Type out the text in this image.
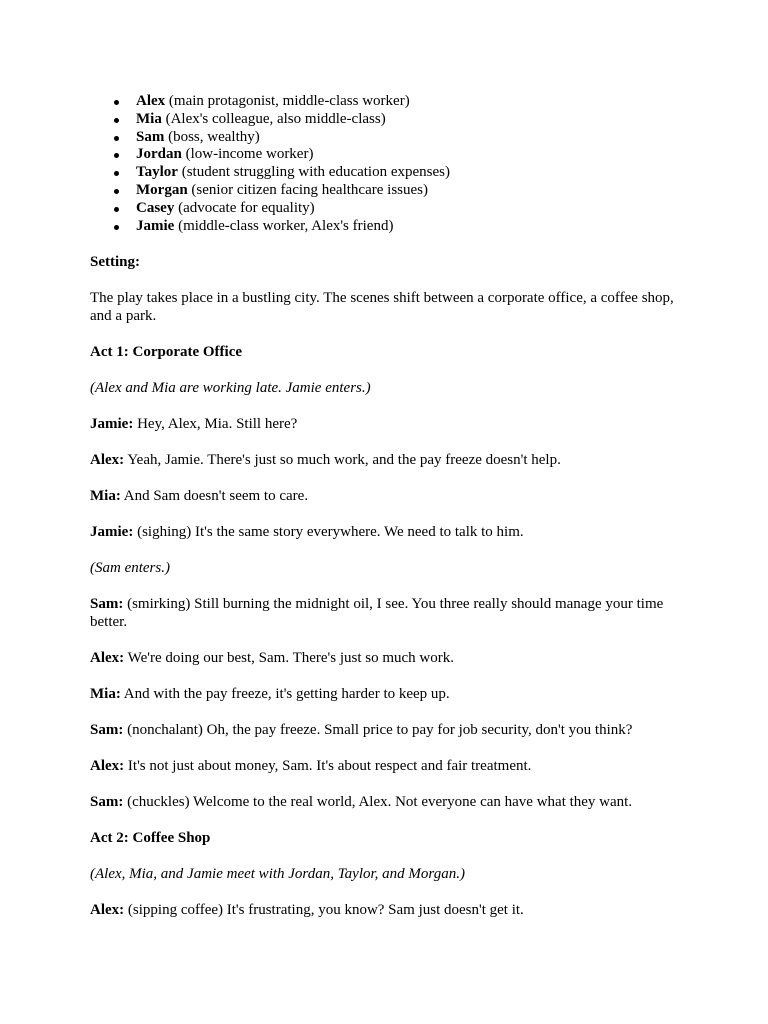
Alex (main protagonist, middle-class worker)
Mia (Alex's colleague, also middle-class)
Sam (boss, wealthy)
Jordan (low-income worker)
Taylor (student struggling with education expenses)
Morgan (senior citizen facing healthcare issues)
Casey (advocate for equality)
Jamie (middle-class worker, Alex's friend)

Setting:

The play takes place in a bustling city. The scenes shift between a corporate office, a coffee shop, and a park.

Act 1: Corporate Office

(Alex and Mia are working late. Jamie enters.)

Jamie: Hey, Alex, Mia. Still here?

Alex: Yeah, Jamie. There's just so much work, and the pay freeze doesn't help.

Mia: And Sam doesn't seem to care.

Jamie: (sighing) It's the same story everywhere. We need to talk to him.

(Sam enters.)

Sam: (smirking) Still burning the midnight oil, I see. You three really should manage your time better.

Alex: We're doing our best, Sam. There's just so much work.

Mia: And with the pay freeze, it's getting harder to keep up.

Sam: (nonchalant) Oh, the pay freeze. Small price to pay for job security, don't you think?

Alex: It's not just about money, Sam. It's about respect and fair treatment.

Sam: (chuckles) Welcome to the real world, Alex. Not everyone can have what they want.

Act 2: Coffee Shop

(Alex, Mia, and Jamie meet with Jordan, Taylor, and Morgan.)

Alex: (sipping coffee) It's frustrating, you know? Sam just doesn't get it.
